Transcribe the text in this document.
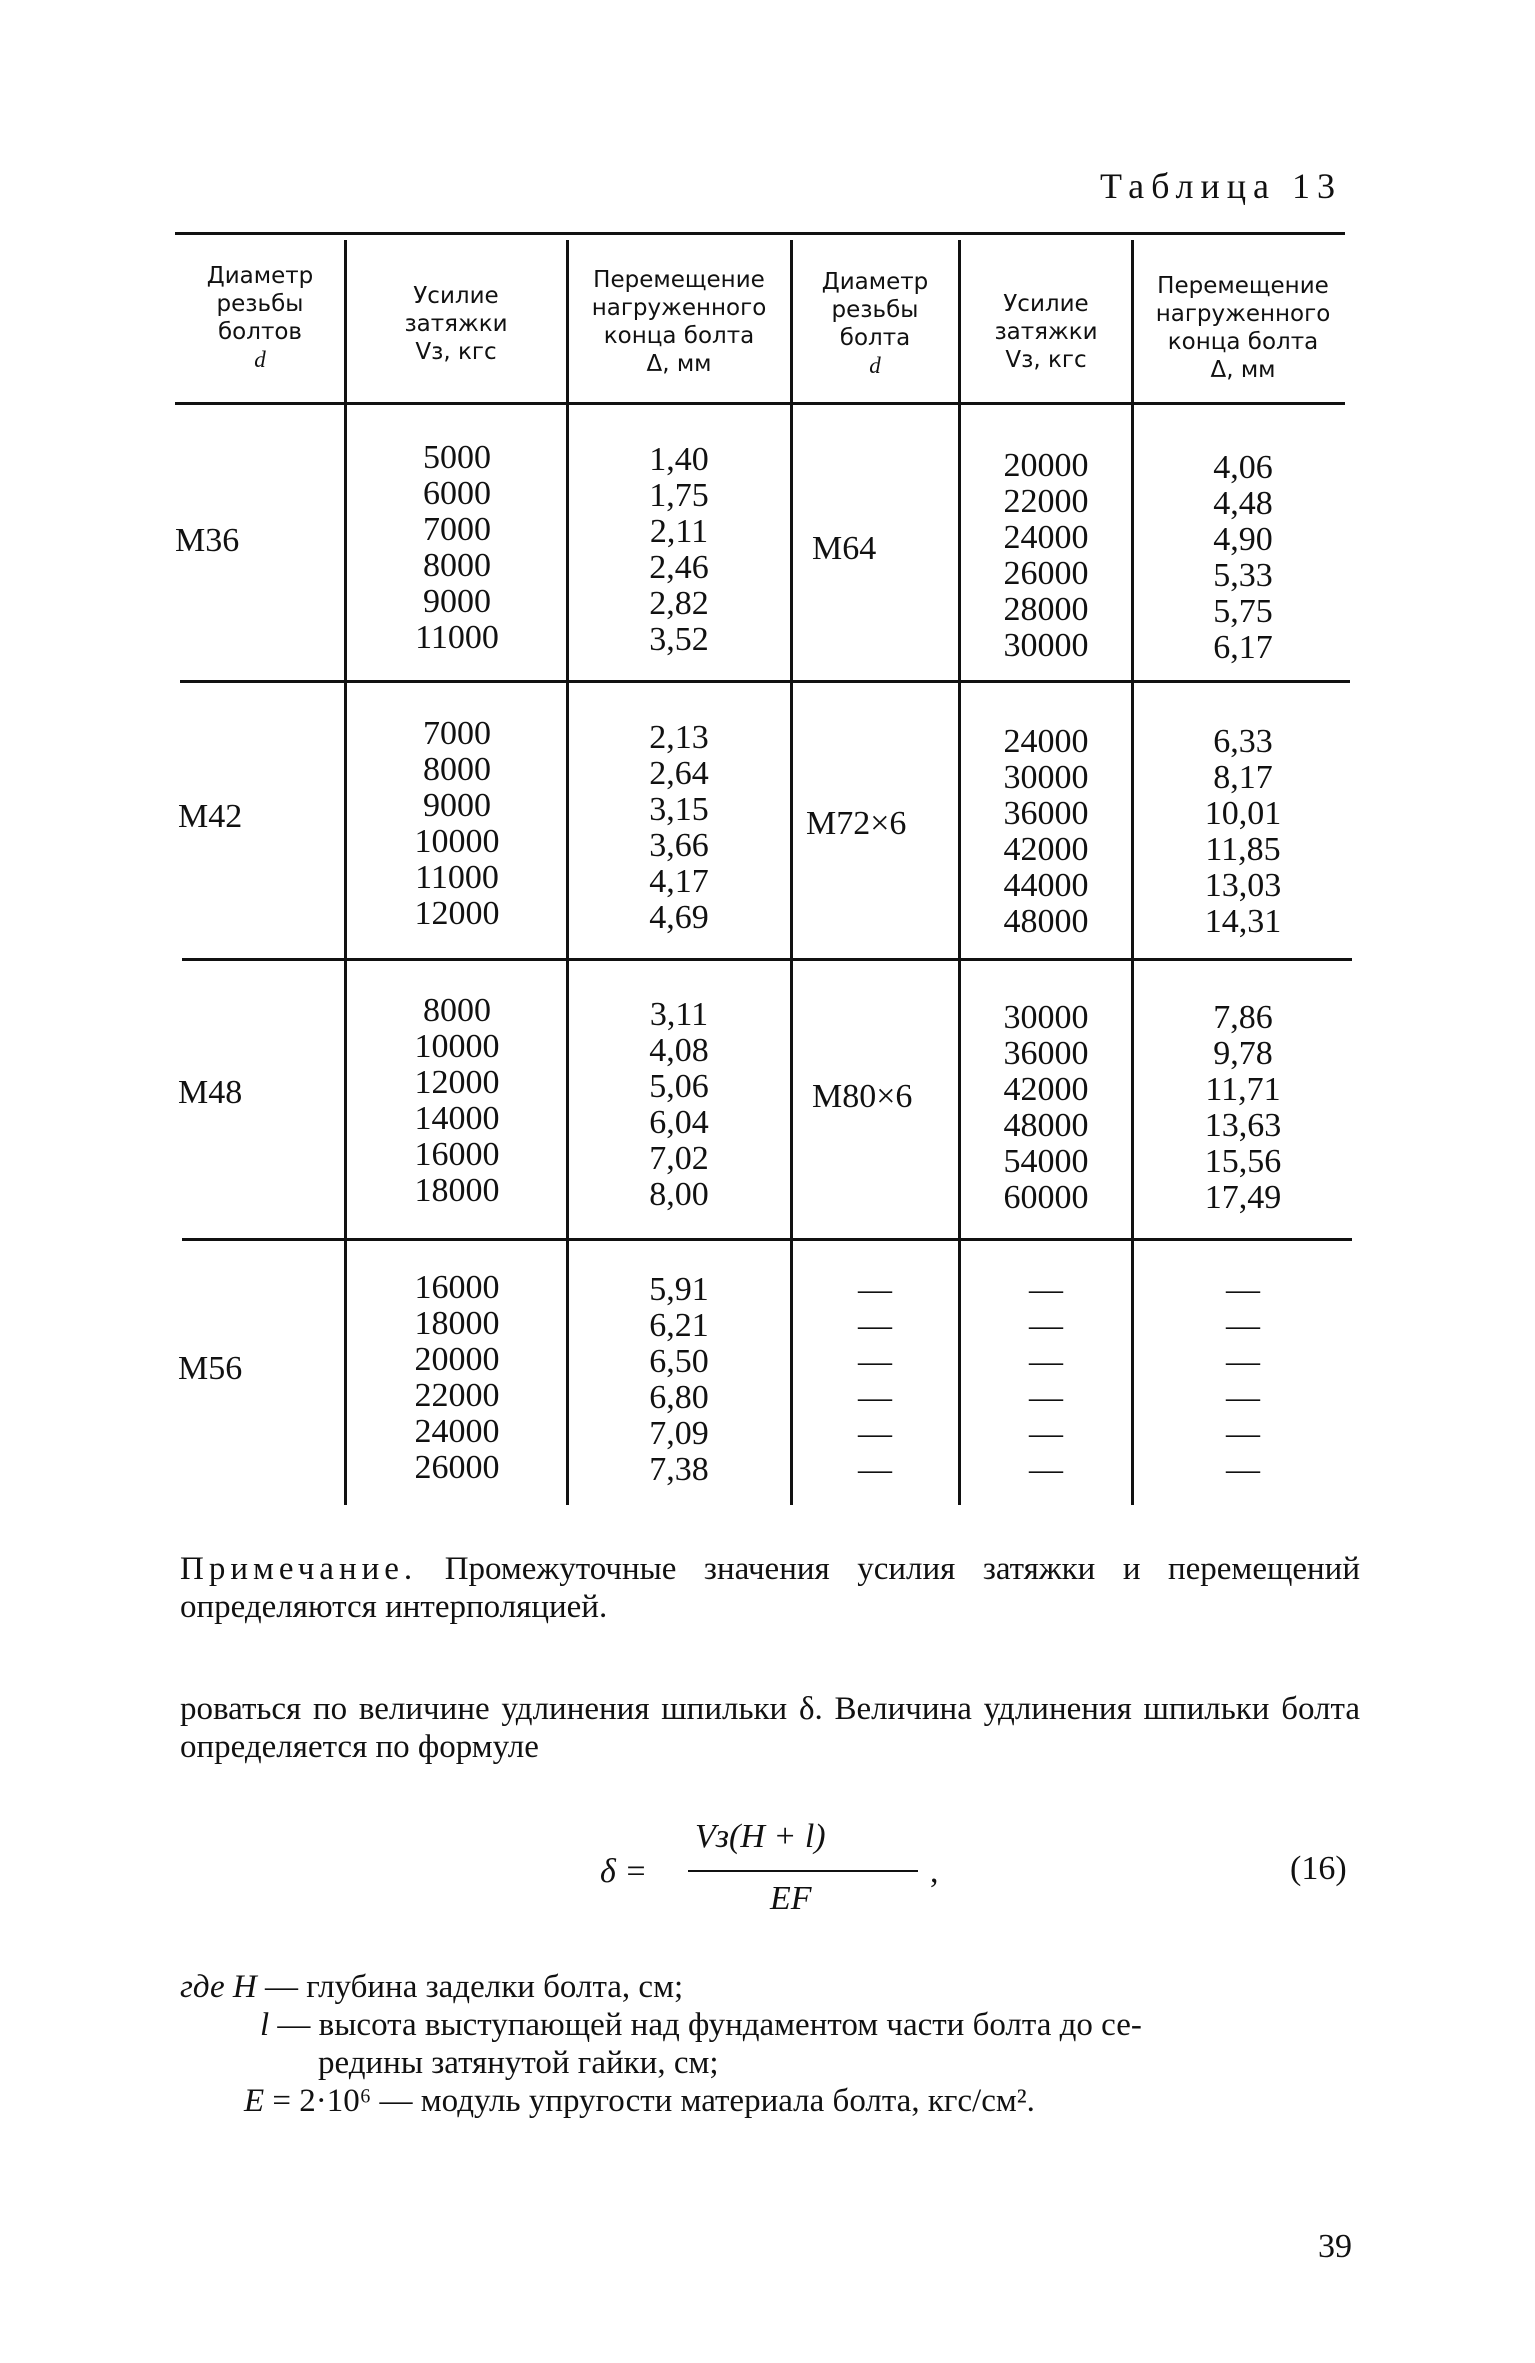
Таблица 13
Диаметр
резьбы
болтов
d
Усилие
затяжки
Vз, кгс
Перемещение
нагруженного
конца болта
Δ, мм
Диаметр
резьбы
болта
d
Усилие
затяжки
Vз, кгс
Перемещение
нагруженного
конца болта
Δ, мм
М36
5000
6000
7000
8000
9000
11000
1,40
1,75
2,11
2,46
2,82
3,52
М64
20000
22000
24000
26000
28000
30000
4,06
4,48
4,90
5,33
5,75
6,17
М42
7000
8000
9000
10000
11000
12000
2,13
2,64
3,15
3,66
4,17
4,69
М72×6
24000
30000
36000
42000
44000
48000
6,33
8,17
10,01
11,85
13,03
14,31
М48
8000
10000
12000
14000
16000
18000
3,11
4,08
5,06
6,04
7,02
8,00
М80×6
30000
36000
42000
48000
54000
60000
7,86
9,78
11,71
13,63
15,56
17,49
М56
16000
18000
20000
22000
24000
26000
5,91
6,21
6,50
6,80
7,09
7,38
—
—
—
—
—
—
—
—
—
—
—
—
—
—
—
—
—
—
Примечание. Промежуточные значения усилия затяжки и перемещений определяются интерполяцией.
роваться по величине удлинения шпильки δ. Величина удлинения шпильки болта определяется по формуле
δ =
Vз(H + l)
EF
,	(16)
где H — глубина заделки болта, см;
l — высота выступающей над фундаментом части болта до се-
редины затянутой гайки, см;
E = 2·10⁶ — модуль упругости материала болта, кгс/см².
39
